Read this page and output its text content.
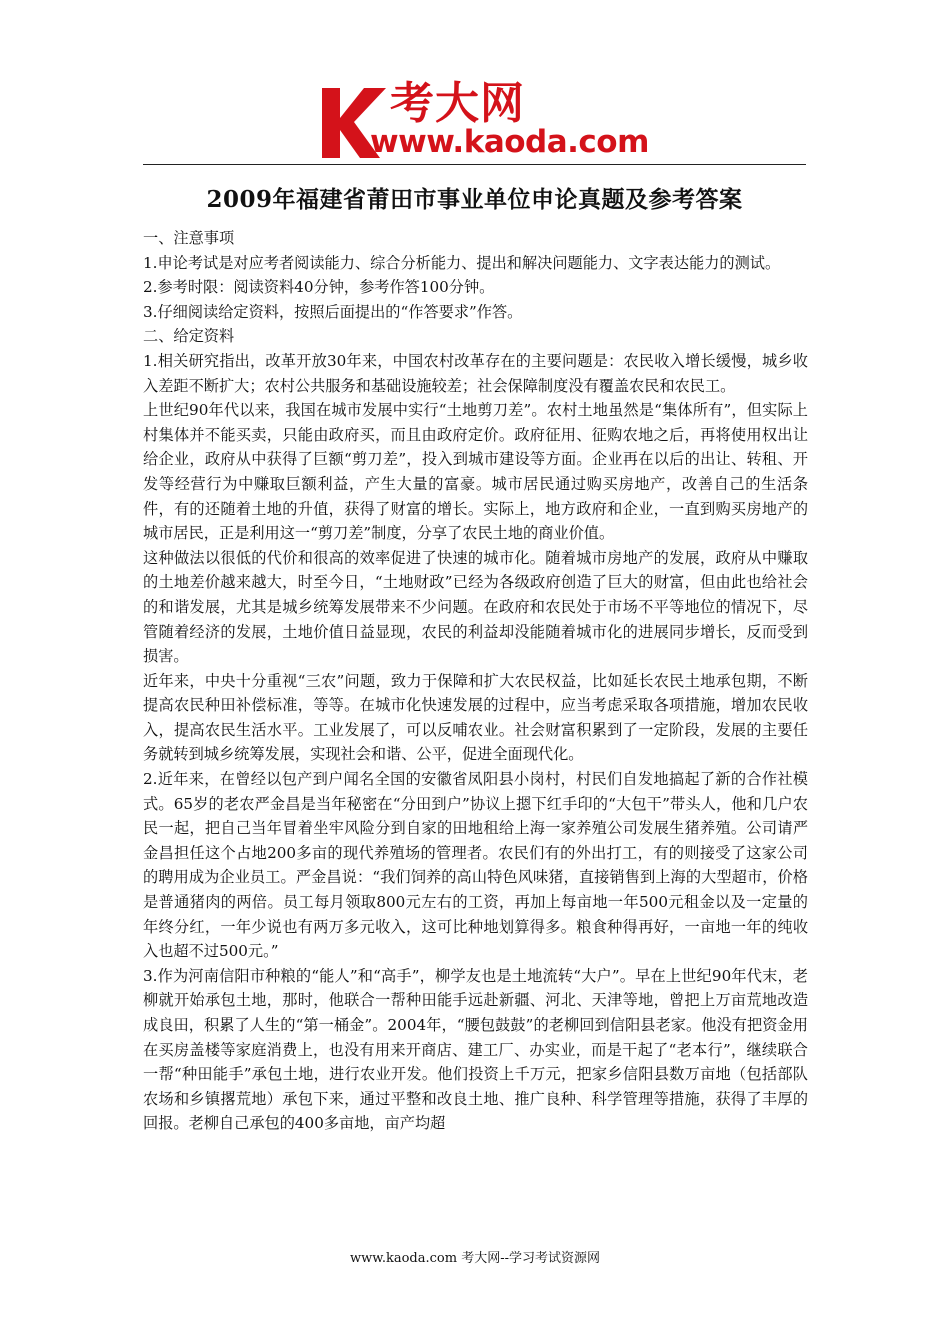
考大网
www.kaoda.com
2009年福建省莆田市事业单位申论真题及参考答案

一、注意事项

1.申论考试是对应考者阅读能力、综合分析能力、提出和解决问题能力、文字表达能力的测试。

2.参考时限：阅读资料40分钟，参考作答100分钟。

3.仔细阅读给定资料，按照后面提出的“作答要求”作答。

二、给定资料

1.相关研究指出，改革开放30年来，中国农村改革存在的主要问题是：农民收入增长缓慢，城乡收入差距不断扩大；农村公共服务和基础设施较差；社会保障制度没有覆盖农民和农民工。

上世纪90年代以来，我国在城市发展中实行“土地剪刀差”。农村土地虽然是“集体所有”，但实际上村集体并不能买卖，只能由政府买，而且由政府定价。政府征用、征购农地之后，再将使用权出让给企业，政府从中获得了巨额“剪刀差”，投入到城市建设等方面。企业再在以后的出让、转租、开发等经营行为中赚取巨额利益，产生大量的富豪。城市居民通过购买房地产，改善自己的生活条件，有的还随着土地的升值，获得了财富的增长。实际上，地方政府和企业，一直到购买房地产的城市居民，正是利用这一“剪刀差”制度，分享了农民土地的商业价值。

这种做法以很低的代价和很高的效率促进了快速的城市化。随着城市房地产的发展，政府从中赚取的土地差价越来越大，时至今日，“土地财政”已经为各级政府创造了巨大的财富，但由此也给社会的和谐发展，尤其是城乡统筹发展带来不少问题。在政府和农民处于市场不平等地位的情况下，尽管随着经济的发展，土地价值日益显现，农民的利益却没能随着城市化的进展同步增长，反而受到损害。

近年来，中央十分重视“三农”问题，致力于保障和扩大农民权益，比如延长农民土地承包期，不断提高农民种田补偿标准，等等。在城市化快速发展的过程中，应当考虑采取各项措施，增加农民收入，提高农民生活水平。工业发展了，可以反哺农业。社会财富积累到了一定阶段，发展的主要任务就转到城乡统筹发展，实现社会和谐、公平，促进全面现代化。

2.近年来，在曾经以包产到户闻名全国的安徽省凤阳县小岗村，村民们自发地搞起了新的合作社模式。65岁的老农严金昌是当年秘密在“分田到户”协议上摁下红手印的“大包干”带头人，他和几户农民一起，把自己当年冒着坐牢风险分到自家的田地租给上海一家养殖公司发展生猪养殖。公司请严金昌担任这个占地200多亩的现代养殖场的管理者。农民们有的外出打工，有的则接受了这家公司的聘用成为企业员工。严金昌说：“我们饲养的高山特色风味猪，直接销售到上海的大型超市，价格是普通猪肉的两倍。员工每月领取800元左右的工资，再加上每亩地一年500元租金以及一定量的年终分红，一年少说也有两万多元收入，这可比种地划算得多。粮食种得再好，一亩地一年的纯收入也超不过500元。”

3.作为河南信阳市种粮的“能人”和“高手”，柳学友也是土地流转“大户”。早在上世纪90年代末，老柳就开始承包土地，那时，他联合一帮种田能手远赴新疆、河北、天津等地，曾把上万亩荒地改造成良田，积累了人生的“第一桶金”。2004年，“腰包鼓鼓”的老柳回到信阳县老家。他没有把资金用在买房盖楼等家庭消费上，也没有用来开商店、建工厂、办实业，而是干起了“老本行”，继续联合一帮“种田能手”承包土地，进行农业开发。他们投资上千万元，把家乡信阳县数万亩地（包括部队农场和乡镇撂荒地）承包下来，通过平整和改良土地、推广良种、科学管理等措施，获得了丰厚的回报。老柳自己承包的400多亩地，亩产均超

www.kaoda.com 考大网--学习考试资源网
